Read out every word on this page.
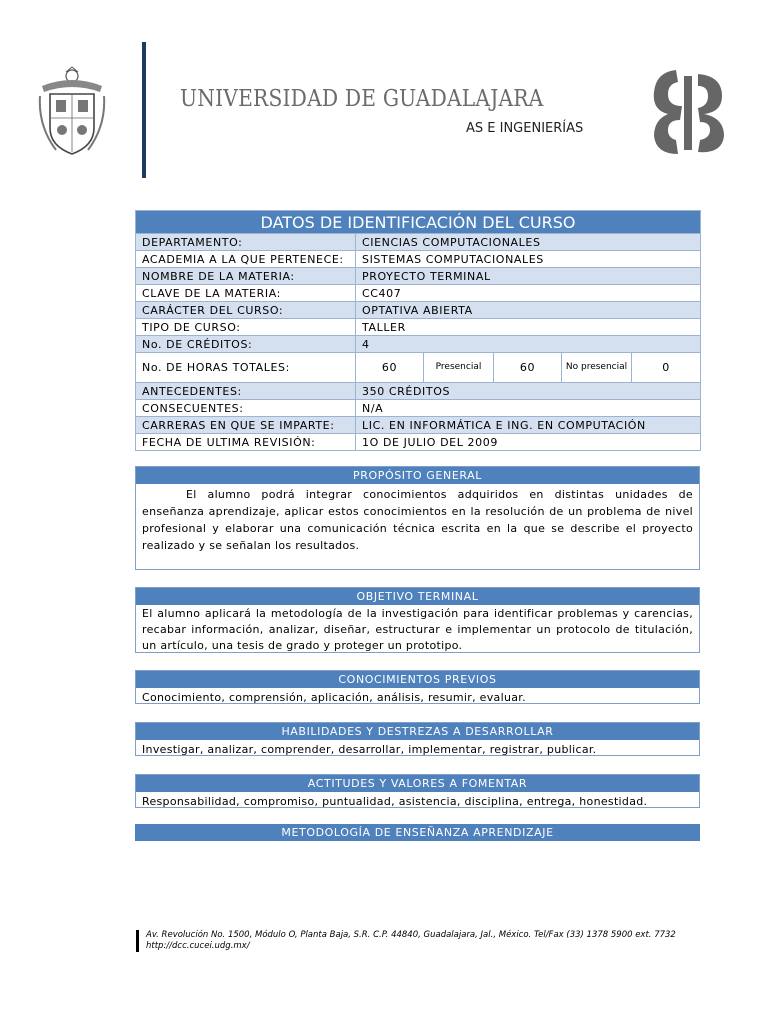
UNIVERSIDAD DE GUADALAJARA
AS E INGENIERÍAS
DATOS DE IDENTIFICACIÓN DEL CURSO					
DEPARTAMENTO:	CIENCIAS COMPUTACIONALES				
ACADEMIA A LA QUE PERTENECE:	SISTEMAS COMPUTACIONALES				
NOMBRE DE LA MATERIA:	PROYECTO TERMINAL				
CLAVE DE LA MATERIA:	CC407				
CARÁCTER DEL CURSO:	OPTATIVA ABIERTA				
TIPO DE CURSO:	TALLER				
No. DE CRÉDITOS:	4				
No. DE HORAS TOTALES:	60	Presencial	60	No presencial	0
ANTECEDENTES:	350 CRÉDITOS				
CONSECUENTES:	N/A				
CARRERAS EN QUE SE IMPARTE:	LIC. EN INFORMÁTICA E ING. EN COMPUTACIÓN				
FECHA DE ULTIMA REVISIÓN:	1O DE JULIO DEL 2009				
PROPÓSITO GENERAL
El alumno podrá integrar conocimientos adquiridos en distintas unidades de enseñanza aprendizaje, aplicar estos conocimientos en la resolución de un problema de nivel profesional y elaborar una comunicación técnica escrita en la que se describe el proyecto realizado y se señalan los resultados.
OBJETIVO TERMINAL
El alumno aplicará la metodología de la investigación para identificar problemas y carencias, recabar información, analizar, diseñar, estructurar e implementar un protocolo de titulación, un artículo, una tesis de grado y proteger un prototipo.
CONOCIMIENTOS PREVIOS
Conocimiento, comprensión, aplicación, análisis, resumir, evaluar.
HABILIDADES Y DESTREZAS A DESARROLLAR
Investigar, analizar, comprender, desarrollar, implementar, registrar, publicar.
ACTITUDES Y VALORES A FOMENTAR
Responsabilidad, compromiso, puntualidad, asistencia, disciplina, entrega, honestidad.
METODOLOGÍA DE ENSEÑANZA APRENDIZAJE
Av. Revolución No. 1500, Módulo O, Planta Baja, S.R. C.P. 44840, Guadalajara, Jal., México. Tel/Fax (33) 1378 5900 ext. 7732
http://dcc.cucei.udg.mx/
